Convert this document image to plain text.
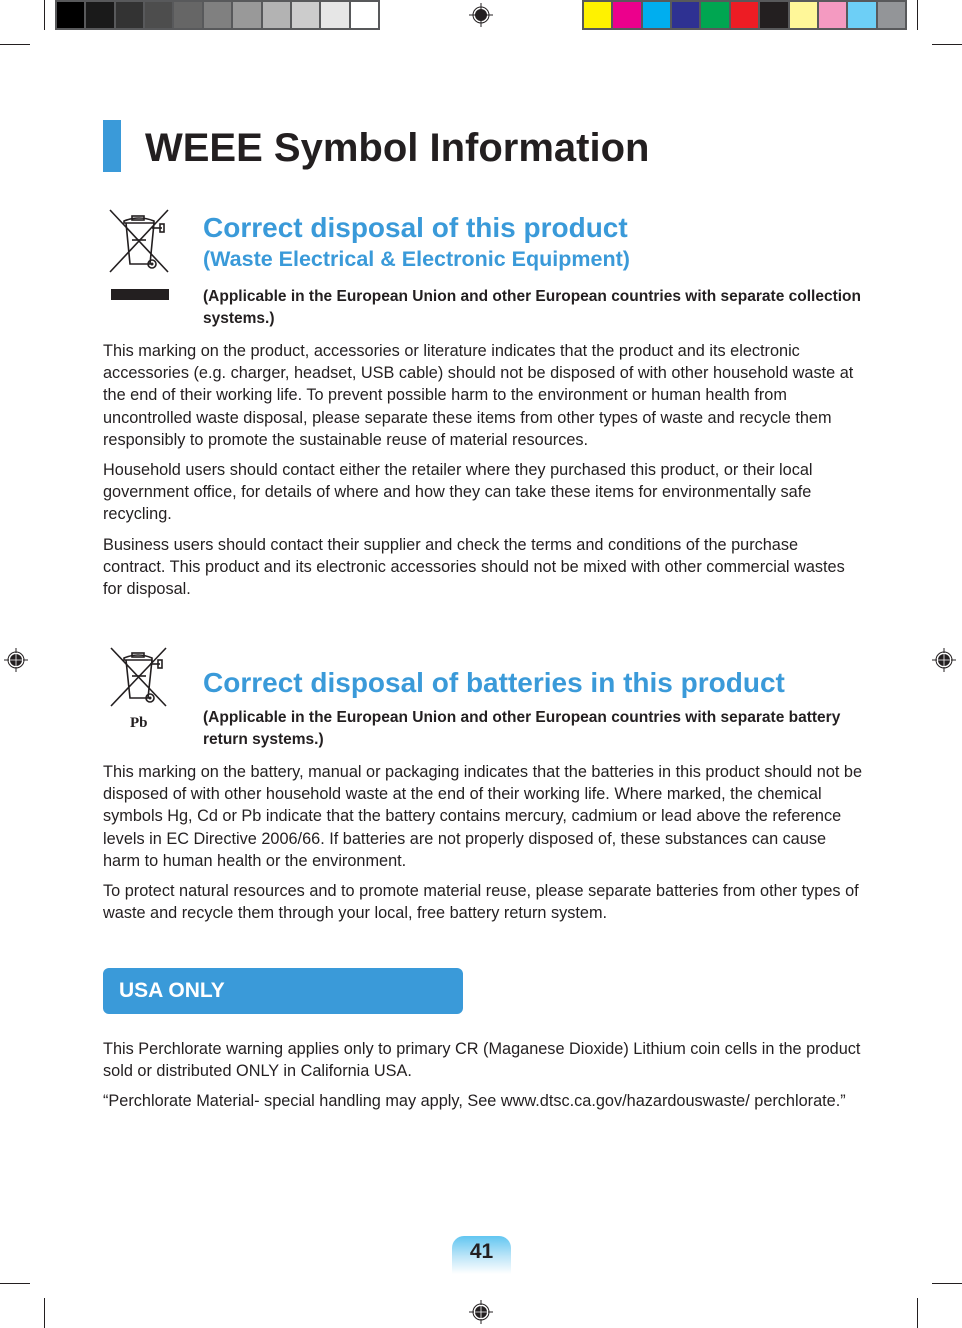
WEEE Symbol Information
Correct disposal of this product
(Waste Electrical & Electronic Equipment)
(Applicable in the European Union and other European countries with separate collection systems.)

This marking on the product, accessories or literature indicates that the product and its electronic accessories (e.g. charger, headset, USB cable) should not be disposed of with other household waste at the end of their working life. To prevent possible harm to the environment or human health from uncontrolled waste disposal, please separate these items from other types of waste and recycle them responsibly to promote the sustainable reuse of material resources.

Household users should contact either the retailer where they purchased this product, or their local government office, for details of where and how they can take these items for environmentally safe recycling.

Business users should contact their supplier and check the terms and conditions of the purchase contract. This product and its electronic accessories should not be mixed with other commercial wastes for disposal.

Pb
Correct disposal of batteries in this product
(Applicable in the European Union and other European countries with separate battery return systems.)

This marking on the battery, manual or packaging indicates that the batteries in this product should not be disposed of with other household waste at the end of their working life. Where marked, the chemical symbols Hg, Cd or Pb indicate that the battery contains mercury, cadmium or lead above the reference levels in EC Directive 2006/66. If batteries are not properly disposed of, these substances can cause harm to human health or the environment.

To protect natural resources and to promote material reuse, please separate batteries from other types of waste and recycle them through your local, free battery return system.

USA ONLY

This Perchlorate warning applies only to primary CR (Maganese Dioxide) Lithium coin cells in the product sold or distributed ONLY in California USA.

“Perchlorate Material- special handling may apply, See www.dtsc.ca.gov/hazardouswaste/ perchlorate.”

41
